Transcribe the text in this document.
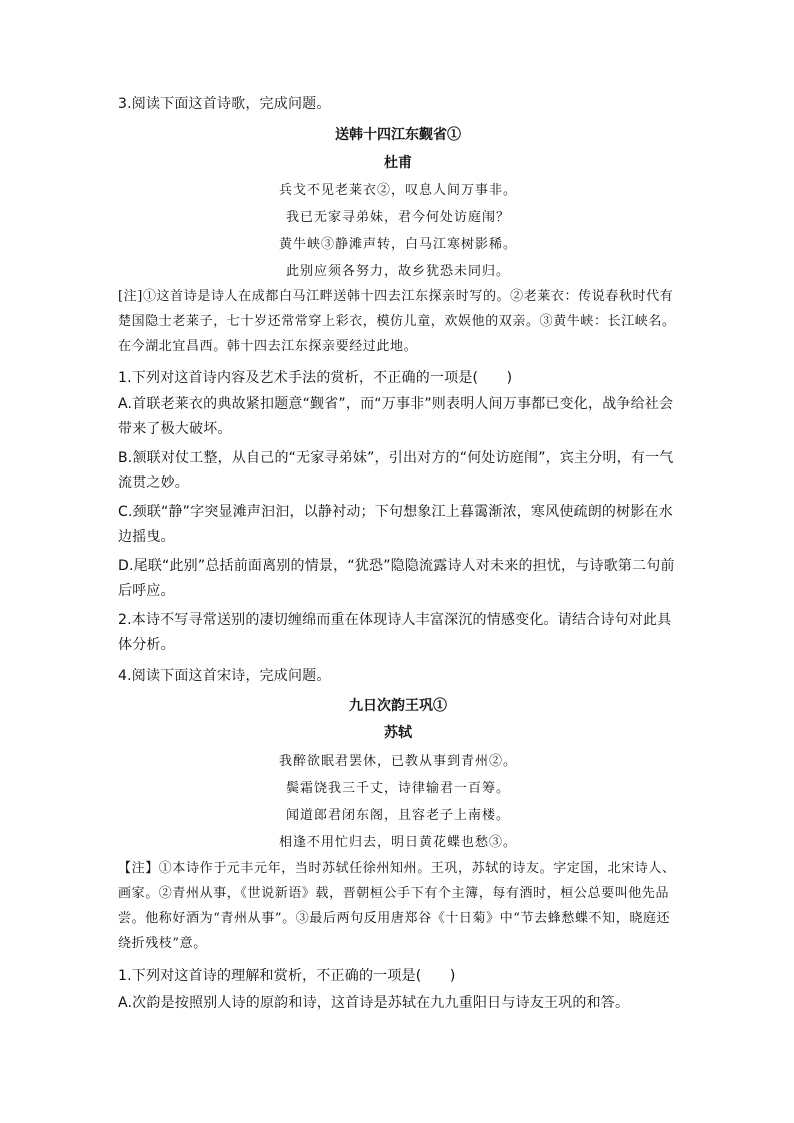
3.阅读下面这首诗歌，完成问题。
送韩十四江东觐省①
杜甫
兵戈不见老莱衣②，叹息人间万事非。
我已无家寻弟妹，君今何处访庭闱？
黄牛峡③静滩声转，白马江寒树影稀。
此别应须各努力，故乡犹恐未同归。
[注]①这首诗是诗人在成都白马江畔送韩十四去江东探亲时写的。②老莱衣：传说春秋时代有楚国隐士老莱子，七十岁还常常穿上彩衣，模仿儿童，欢娱他的双亲。③黄牛峡：长江峡名。在今湖北宜昌西。韩十四去江东探亲要经过此地。
1.下列对这首诗内容及艺术手法的赏析，不正确的一项是(　　)
A.首联老莱衣的典故紧扣题意“觐省”，而“万事非”则表明人间万事都已变化，战争给社会带来了极大破坏。
B.颔联对仗工整，从自己的“无家寻弟妹”，引出对方的“何处访庭闱”，宾主分明，有一气流贯之妙。
C.颈联“静”字突显滩声汩汩，以静衬动；下句想象江上暮霭渐浓，寒风使疏朗的树影在水边摇曳。
D.尾联“此别”总括前面离别的情景，“犹恐”隐隐流露诗人对未来的担忧，与诗歌第二句前后呼应。
2.本诗不写寻常送别的凄切缠绵而重在体现诗人丰富深沉的情感变化。请结合诗句对此具体分析。
4.阅读下面这首宋诗，完成问题。
九日次韵王巩①
苏轼
我醉欲眠君罢休，已教从事到青州②。
鬓霜饶我三千丈，诗律输君一百筹。
闻道郎君闭东阁，且容老子上南楼。
相逢不用忙归去，明日黄花蝶也愁③。
【注】①本诗作于元丰元年，当时苏轼任徐州知州。王巩，苏轼的诗友。字定国，北宋诗人、画家。②青州从事，《世说新语》载，晋朝桓公手下有个主簿，每有酒时，桓公总要叫他先品尝。他称好酒为“青州从事”。③最后两句反用唐郑谷《十日菊》中“节去蜂愁蝶不知，晓庭还绕折残枝”意。
1.下列对这首诗的理解和赏析，不正确的一项是(　　)
A.次韵是按照别人诗的原韵和诗，这首诗是苏轼在九九重阳日与诗友王巩的和答。
